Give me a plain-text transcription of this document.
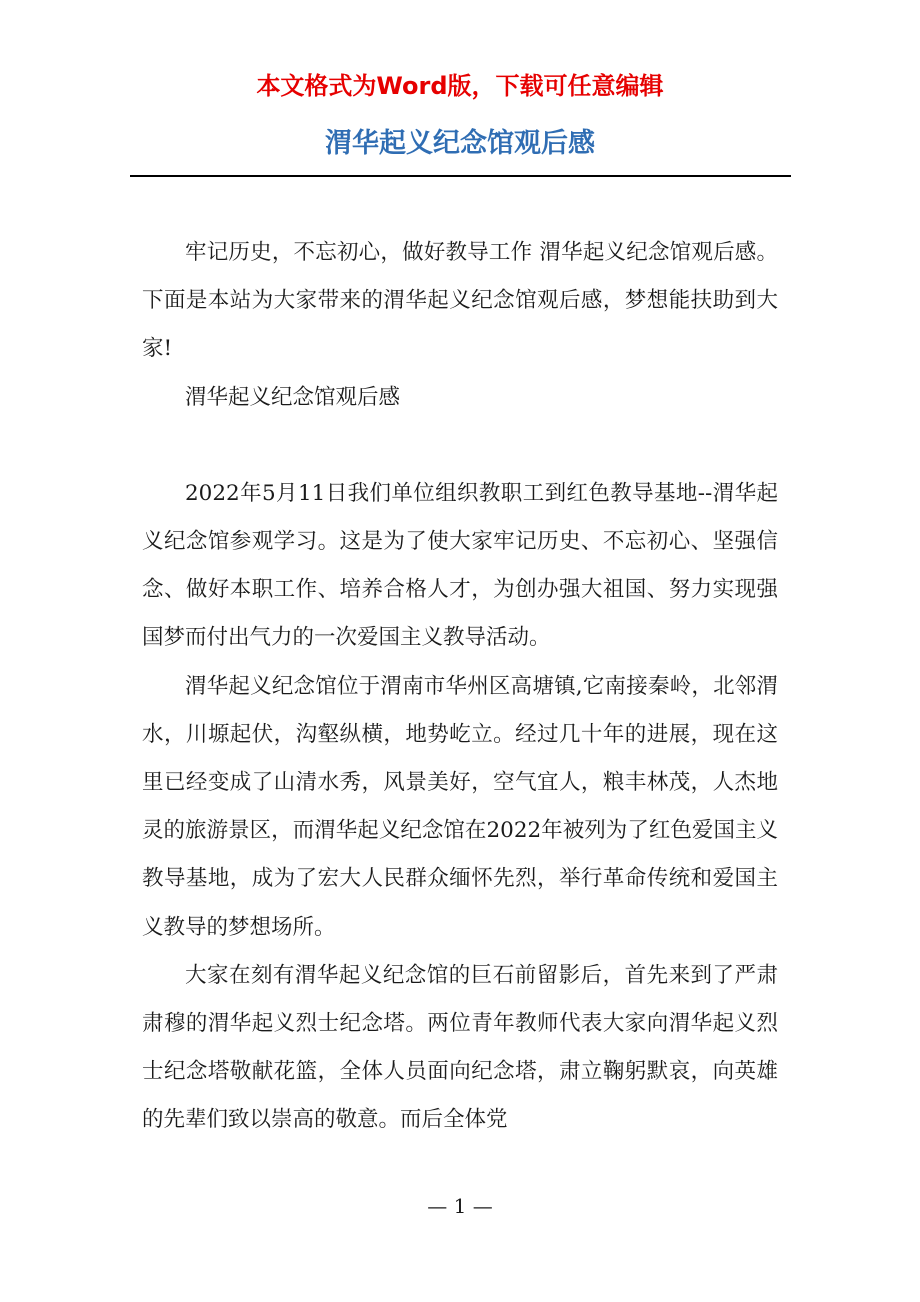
本文格式为Word版，下载可任意编辑
渭华起义纪念馆观后感

牢记历史，不忘初心，做好教导工作 渭华起义纪念馆观后感。下面是本站为大家带来的渭华起义纪念馆观后感，梦想能扶助到大家!

渭华起义纪念馆观后感

2022年5月11日我们单位组织教职工到红色教导基地--渭华起义纪念馆参观学习。这是为了使大家牢记历史、不忘初心、坚强信念、做好本职工作、培养合格人才，为创办强大祖国、努力实现强国梦而付出气力的一次爱国主义教导活动。

渭华起义纪念馆位于渭南市华州区高塘镇,它南接秦岭，北邻渭水，川塬起伏，沟壑纵横，地势屹立。经过几十年的进展，现在这里已经变成了山清水秀，风景美好，空气宜人，粮丰林茂，人杰地灵的旅游景区，而渭华起义纪念馆在2022年被列为了红色爱国主义教导基地，成为了宏大人民群众缅怀先烈，举行革命传统和爱国主义教导的梦想场所。

大家在刻有渭华起义纪念馆的巨石前留影后，首先来到了严肃肃穆的渭华起义烈士纪念塔。两位青年教师代表大家向渭华起义烈士纪念塔敬献花篮，全体人员面向纪念塔，肃立鞠躬默哀，向英雄的先辈们致以崇高的敬意。而后全体党

— 1 —
